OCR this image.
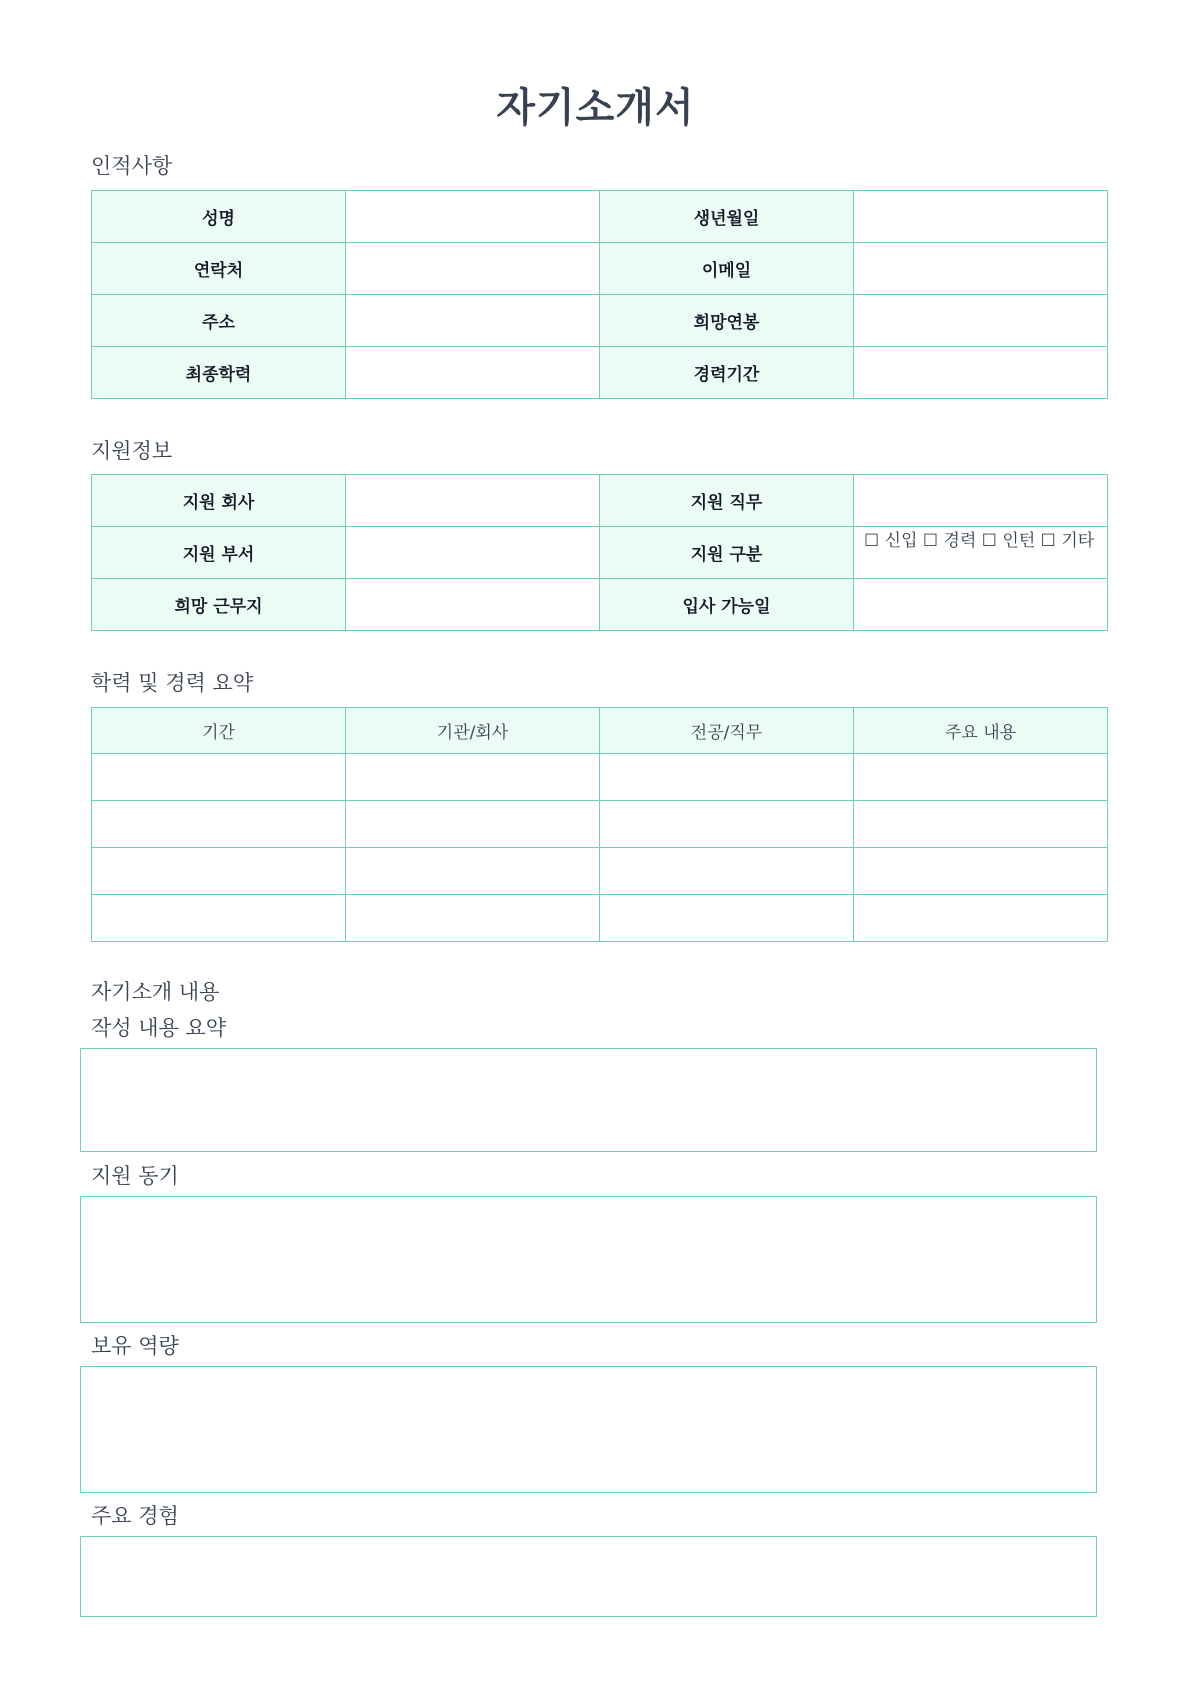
자기소개서
인적사항
성명		생년월일	
연락처		이메일	
주소		희망연봉	
최종학력		경력기간	
지원정보
지원 회사		지원 직무	
지원 부서		지원 구분	☐ 신입 ☐ 경력 ☐ 인턴 ☐ 기타
희망 근무지		입사 가능일	
학력 및 경력 요약
기간	기관/회사	전공/직무	주요 내용

자기소개 내용
작성 내용 요약
지원 동기
보유 역량
주요 경험
